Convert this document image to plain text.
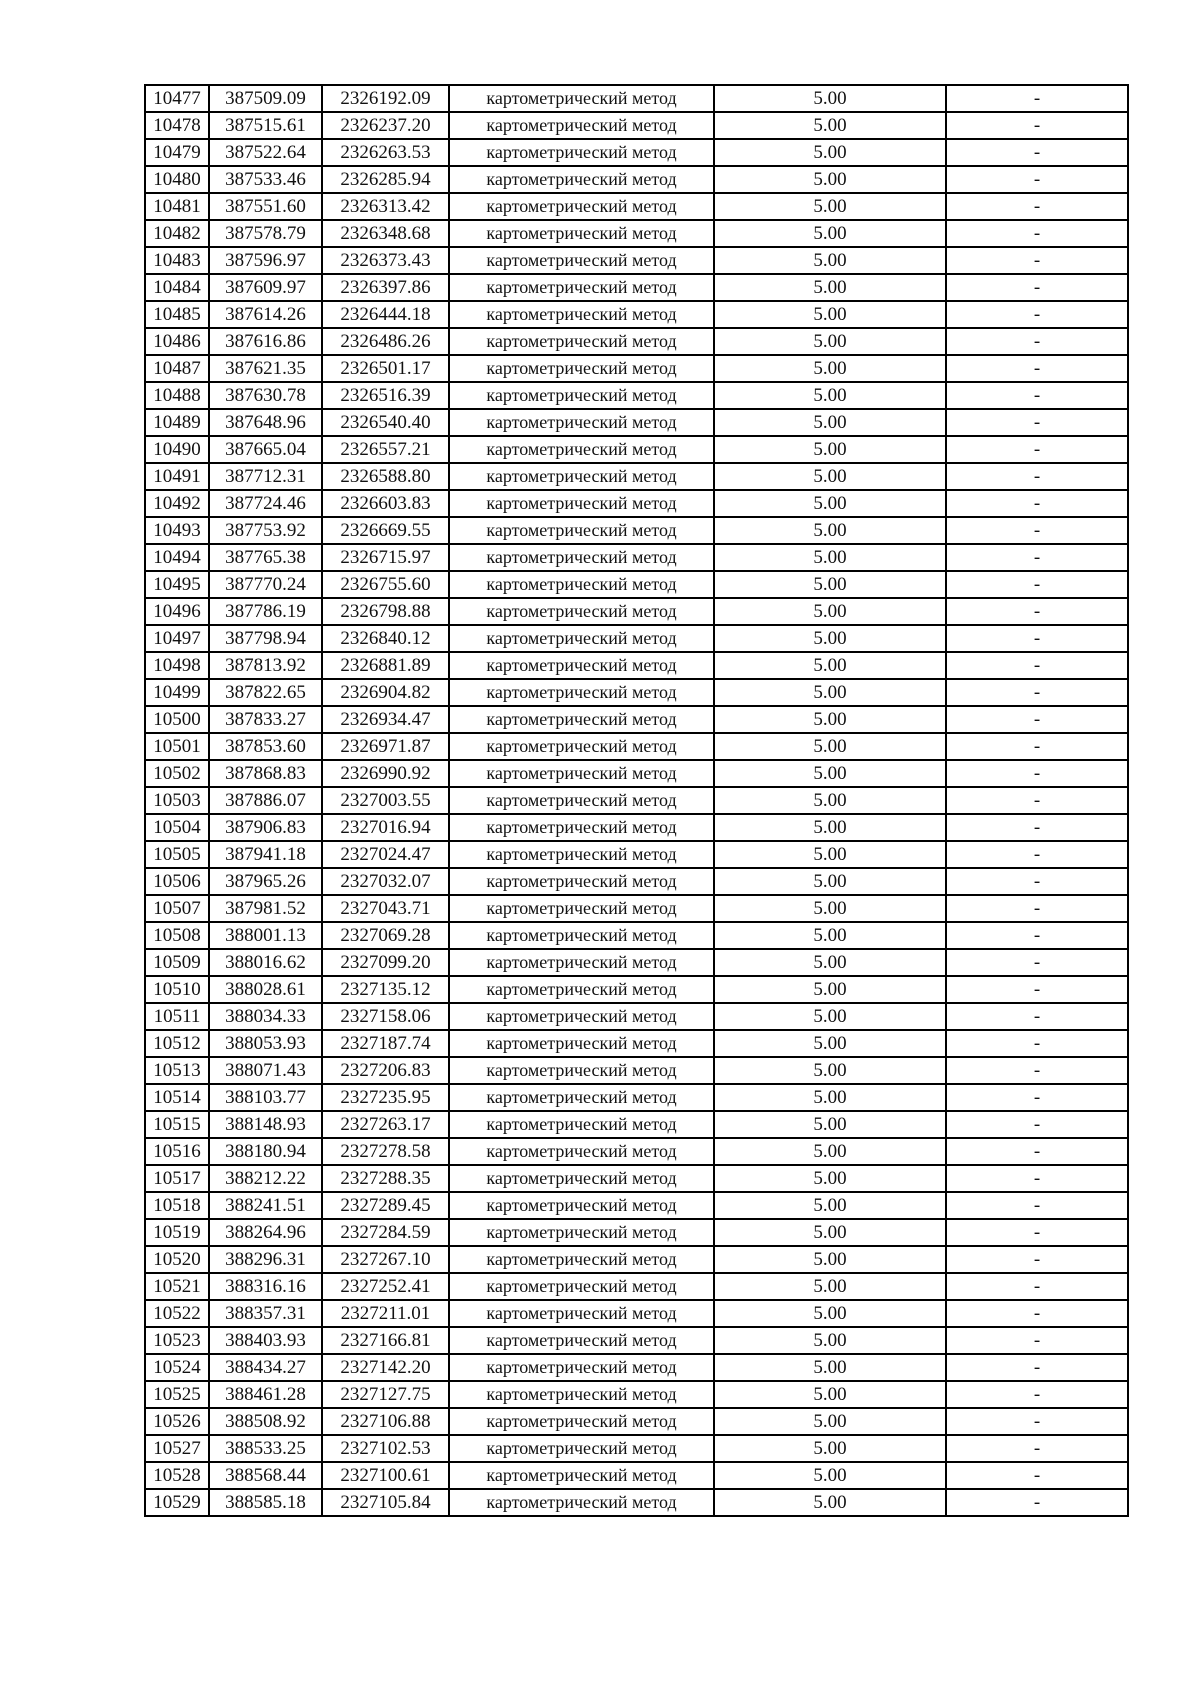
10477	387509.09	2326192.09	картометрический метод	5.00	-
10478	387515.61	2326237.20	картометрический метод	5.00	-
10479	387522.64	2326263.53	картометрический метод	5.00	-
10480	387533.46	2326285.94	картометрический метод	5.00	-
10481	387551.60	2326313.42	картометрический метод	5.00	-
10482	387578.79	2326348.68	картометрический метод	5.00	-
10483	387596.97	2326373.43	картометрический метод	5.00	-
10484	387609.97	2326397.86	картометрический метод	5.00	-
10485	387614.26	2326444.18	картометрический метод	5.00	-
10486	387616.86	2326486.26	картометрический метод	5.00	-
10487	387621.35	2326501.17	картометрический метод	5.00	-
10488	387630.78	2326516.39	картометрический метод	5.00	-
10489	387648.96	2326540.40	картометрический метод	5.00	-
10490	387665.04	2326557.21	картометрический метод	5.00	-
10491	387712.31	2326588.80	картометрический метод	5.00	-
10492	387724.46	2326603.83	картометрический метод	5.00	-
10493	387753.92	2326669.55	картометрический метод	5.00	-
10494	387765.38	2326715.97	картометрический метод	5.00	-
10495	387770.24	2326755.60	картометрический метод	5.00	-
10496	387786.19	2326798.88	картометрический метод	5.00	-
10497	387798.94	2326840.12	картометрический метод	5.00	-
10498	387813.92	2326881.89	картометрический метод	5.00	-
10499	387822.65	2326904.82	картометрический метод	5.00	-
10500	387833.27	2326934.47	картометрический метод	5.00	-
10501	387853.60	2326971.87	картометрический метод	5.00	-
10502	387868.83	2326990.92	картометрический метод	5.00	-
10503	387886.07	2327003.55	картометрический метод	5.00	-
10504	387906.83	2327016.94	картометрический метод	5.00	-
10505	387941.18	2327024.47	картометрический метод	5.00	-
10506	387965.26	2327032.07	картометрический метод	5.00	-
10507	387981.52	2327043.71	картометрический метод	5.00	-
10508	388001.13	2327069.28	картометрический метод	5.00	-
10509	388016.62	2327099.20	картометрический метод	5.00	-
10510	388028.61	2327135.12	картометрический метод	5.00	-
10511	388034.33	2327158.06	картометрический метод	5.00	-
10512	388053.93	2327187.74	картометрический метод	5.00	-
10513	388071.43	2327206.83	картометрический метод	5.00	-
10514	388103.77	2327235.95	картометрический метод	5.00	-
10515	388148.93	2327263.17	картометрический метод	5.00	-
10516	388180.94	2327278.58	картометрический метод	5.00	-
10517	388212.22	2327288.35	картометрический метод	5.00	-
10518	388241.51	2327289.45	картометрический метод	5.00	-
10519	388264.96	2327284.59	картометрический метод	5.00	-
10520	388296.31	2327267.10	картометрический метод	5.00	-
10521	388316.16	2327252.41	картометрический метод	5.00	-
10522	388357.31	2327211.01	картометрический метод	5.00	-
10523	388403.93	2327166.81	картометрический метод	5.00	-
10524	388434.27	2327142.20	картометрический метод	5.00	-
10525	388461.28	2327127.75	картометрический метод	5.00	-
10526	388508.92	2327106.88	картометрический метод	5.00	-
10527	388533.25	2327102.53	картометрический метод	5.00	-
10528	388568.44	2327100.61	картометрический метод	5.00	-
10529	388585.18	2327105.84	картометрический метод	5.00	-
